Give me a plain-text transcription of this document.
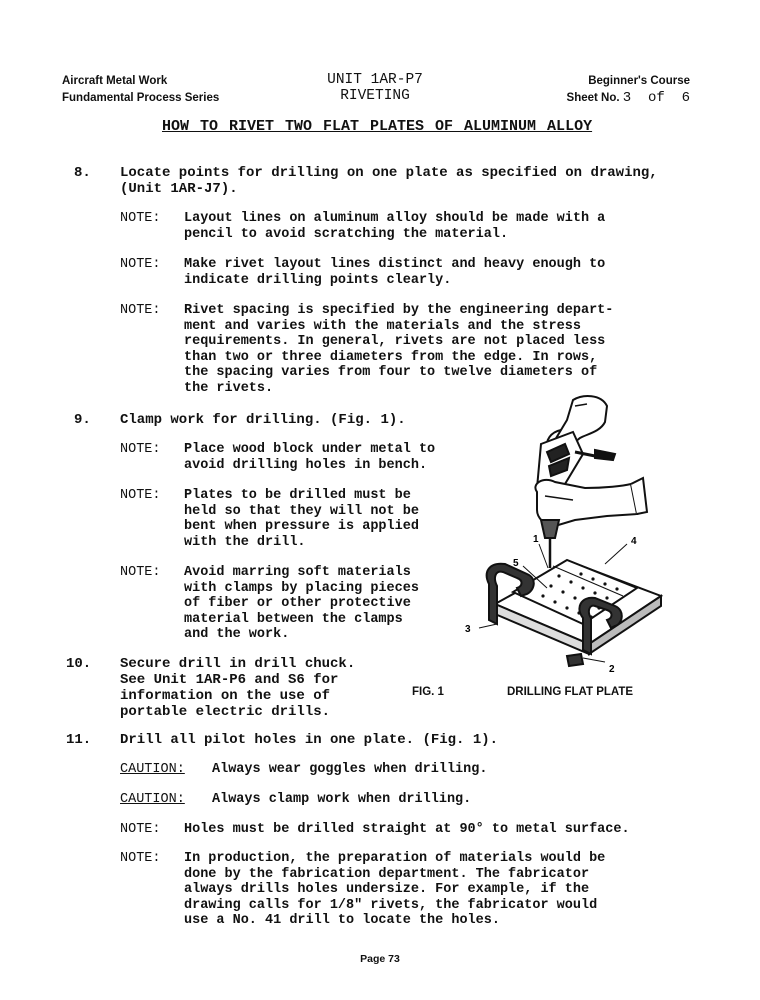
Aircraft Metal Work
Fundamental Process Series
UNIT 1AR-P7
RIVETING
Beginner's Course
Sheet No. 3  of  6
HOW TO RIVET TWO FLAT PLATES OF ALUMINUM ALLOY
8. Locate points for drilling on one plate as specified on drawing,
(Unit 1AR-J7).
NOTE: Layout lines on aluminum alloy should be made with a
pencil to avoid scratching the material.
NOTE: Make rivet layout lines distinct and heavy enough to
indicate drilling points clearly.
NOTE: Rivet spacing is specified by the engineering depart-
ment and varies with the materials and the stress
requirements. In general, rivets are not placed less
than two or three diameters from the edge. In rows,
the spacing varies from four to twelve diameters of
the rivets.
9. Clamp work for drilling. (Fig. 1).
NOTE: Place wood block under metal to
avoid drilling holes in bench.
NOTE: Plates to be drilled must be
held so that they will not be
bent when pressure is applied
with the drill.
NOTE: Avoid marring soft materials
with clamps by placing pieces
of fiber or other protective
material between the clamps
and the work.
10. Secure drill in drill chuck.
See Unit 1AR-P6 and S6 for
information on the use of
portable electric drills.
1
2
3
4
5
FIG. 1	DRILLING FLAT PLATE
11. Drill all pilot holes in one plate. (Fig. 1).
CAUTION: Always wear goggles when drilling.
CAUTION: Always clamp work when drilling.
NOTE: Holes must be drilled straight at 90° to metal surface.
NOTE: In production, the preparation of materials would be
done by the fabrication department. The fabricator
always drills holes undersize. For example, if the
drawing calls for 1/8" rivets, the fabricator would
use a No. 41 drill to locate the holes.
Page 73
